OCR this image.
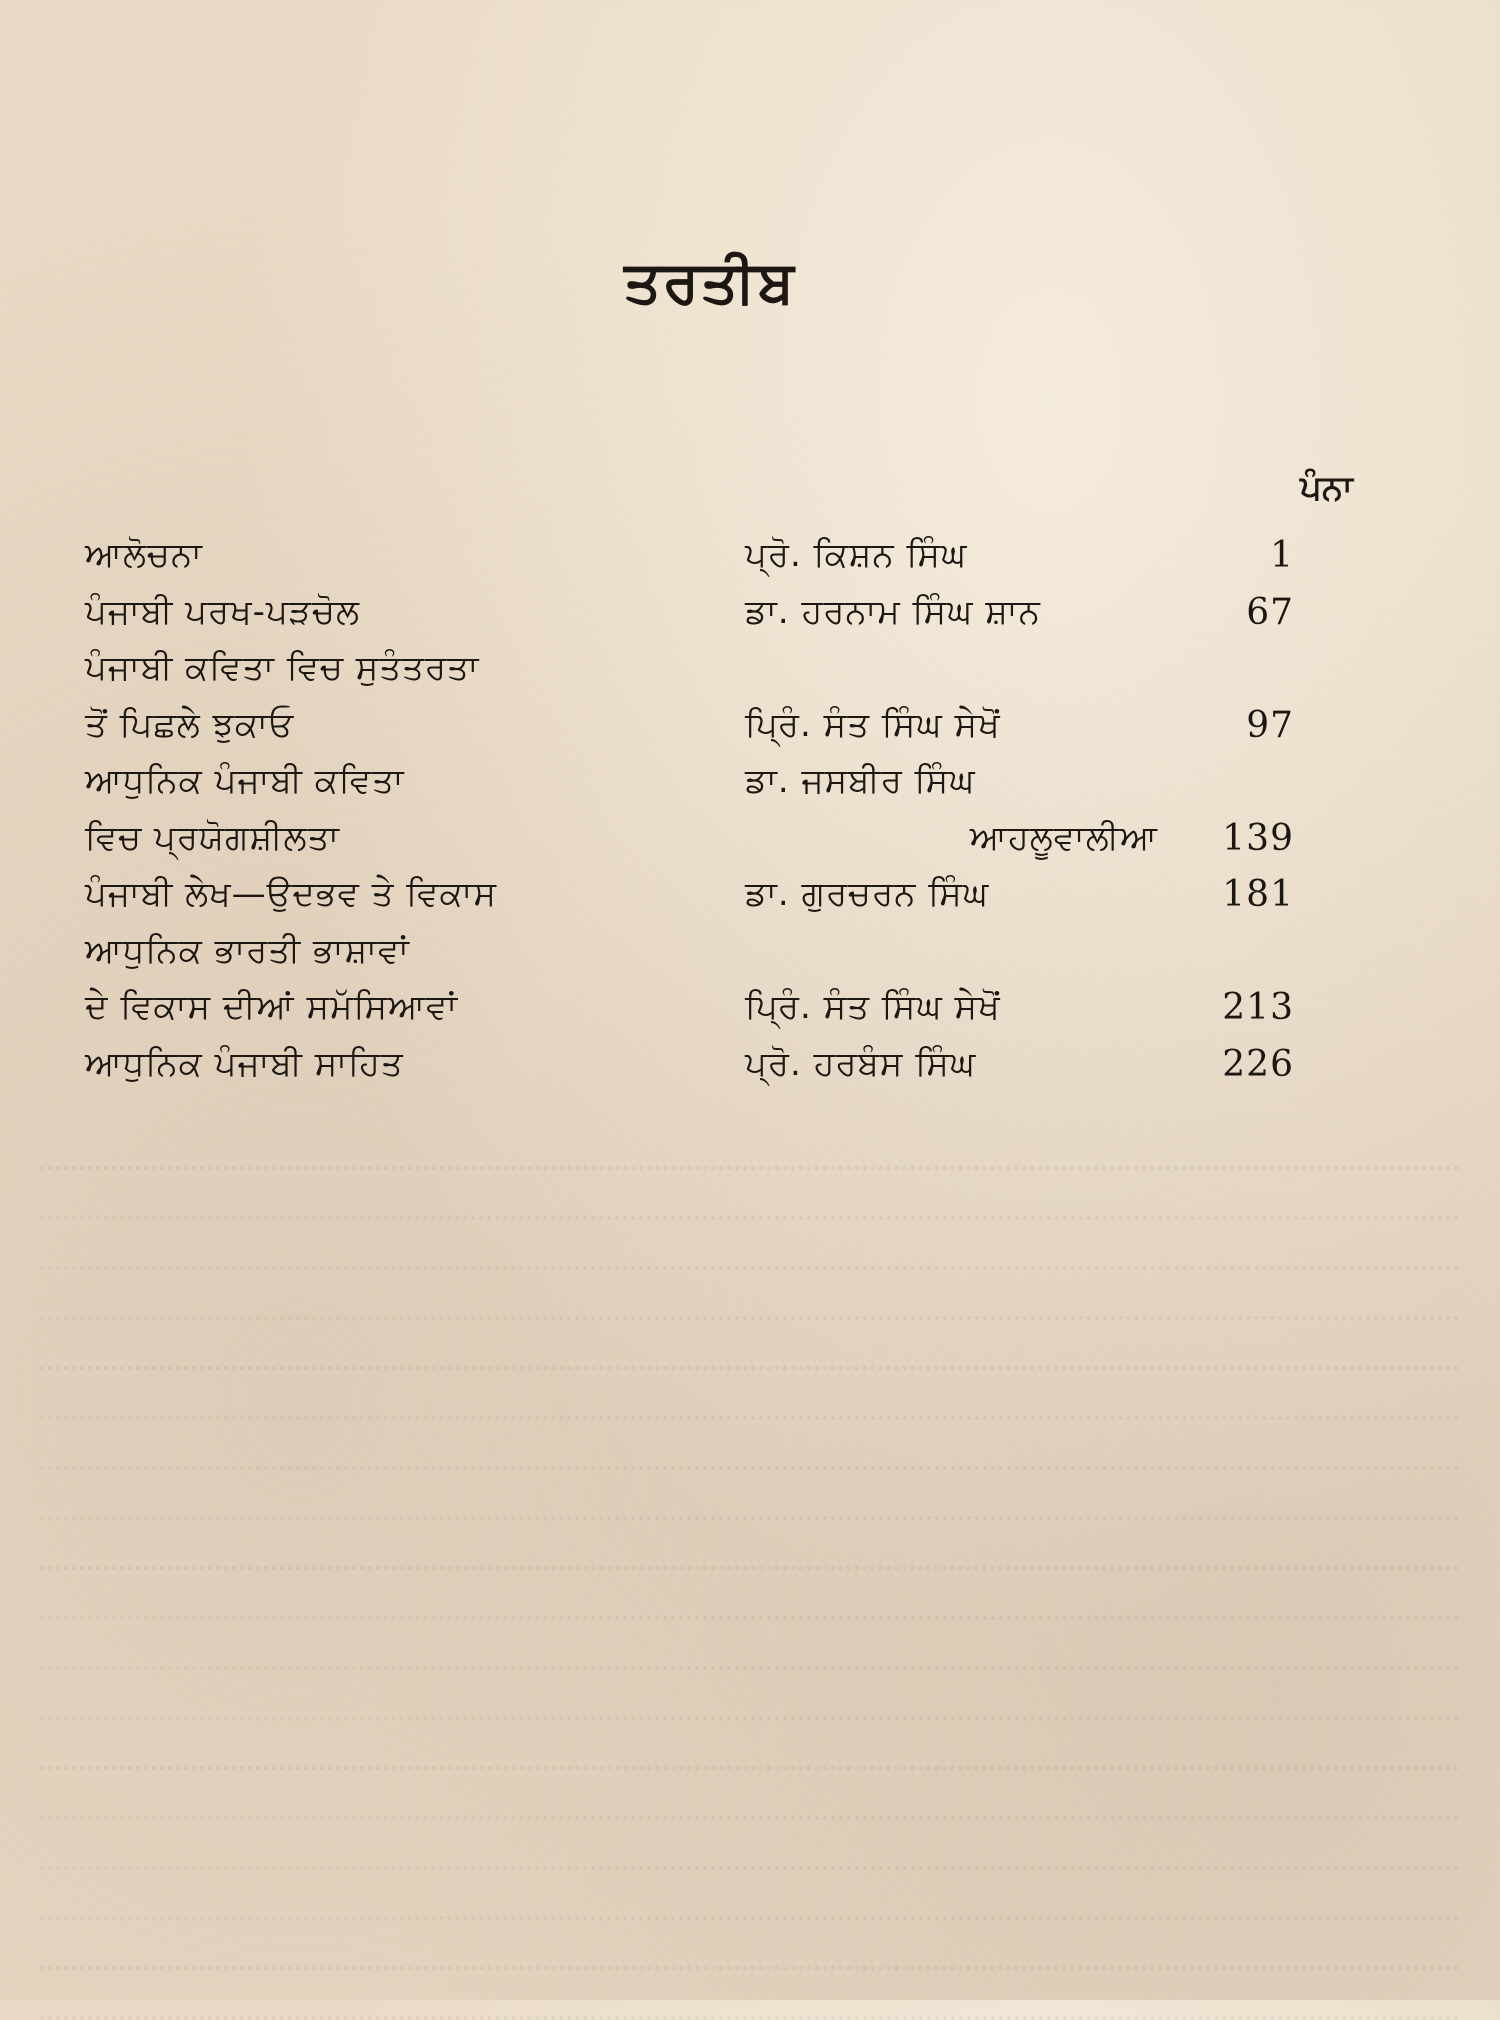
ਤਰਤੀਬ
ਪੰਨਾ
ਆਲੋਚਨਾ	ਪ੍ਰੋ. ਕਿਸ਼ਨ ਸਿੰਘ	1
ਪੰਜਾਬੀ ਪਰਖ-ਪੜਚੋਲ	ਡਾ. ਹਰਨਾਮ ਸਿੰਘ ਸ਼ਾਨ	67
ਪੰਜਾਬੀ ਕਵਿਤਾ ਵਿਚ ਸੁਤੰਤਰਤਾ
ਤੋਂ ਪਿਛਲੇ ਝੁਕਾਓ	ਪ੍ਰਿੰ. ਸੰਤ ਸਿੰਘ ਸੇਖੋਂ	97
ਆਧੁਨਿਕ ਪੰਜਾਬੀ ਕਵਿਤਾ	ਡਾ. ਜਸਬੀਰ ਸਿੰਘ
ਵਿਚ ਪ੍ਰਯੋਗਸ਼ੀਲਤਾ	ਆਹਲੂਵਾਲੀਆ 139
ਪੰਜਾਬੀ ਲੇਖ—ਉਦਭਵ ਤੇ ਵਿਕਾਸ	ਡਾ. ਗੁਰਚਰਨ ਸਿੰਘ	181
ਆਧੁਨਿਕ ਭਾਰਤੀ ਭਾਸ਼ਾਵਾਂ
ਦੇ ਵਿਕਾਸ ਦੀਆਂ ਸਮੱਸਿਆਵਾਂ	ਪ੍ਰਿੰ. ਸੰਤ ਸਿੰਘ ਸੇਖੋਂ	213
ਆਧੁਨਿਕ ਪੰਜਾਬੀ ਸਾਹਿਤ	ਪ੍ਰੋ. ਹਰਬੰਸ ਸਿੰਘ	226
